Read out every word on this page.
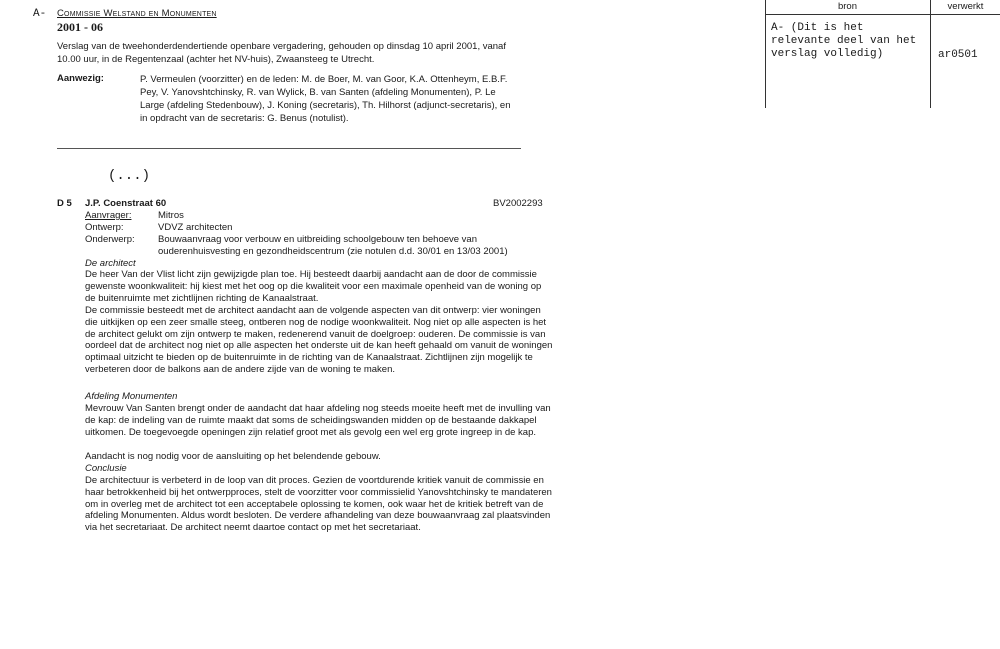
A- Commissie Welstand en Monumenten
2001 - 06
Verslag van de tweehonderdendertiende openbare vergadering, gehouden op dinsdag 10 april 2001, vanaf 10.00 uur, in de Regentenzaal (achter het NV-huis), Zwaansteeg te Utrecht.
Aanwezig:	P. Vermeulen (voorzitter) en de leden: M. de Boer, M. van Goor, K.A. Ottenheym, E.B.F. Pey, V. Yanovshtchinsky, R. van Wylick, B. van Santen (afdeling Monumenten), P. Le Large (afdeling Stedenbouw), J. Koning (secretaris), Th. Hilhorst (adjunct-secretaris), en in opdracht van de secretaris: G. Benus (notulist).
(...)
bron	verwerkt
A- (Dit is het relevante deel van het verslag volledig)	ar0501
D 5 J.P. Coenstraat 60	BV2002293
Aanvrager:	Mitros
Ontwerp:	VDVZ architecten
Onderwerp: Bouwaanvraag voor verbouw en uitbreiding schoolgebouw ten behoeve van ouderenhuisvesting en gezondheidscentrum (zie notulen d.d. 30/01 en 13/03 2001)
De architect
De heer Van der Vlist licht zijn gewijzigde plan toe. Hij besteedt daarbij aandacht aan de door de commissie gewenste woonkwaliteit: hij kiest met het oog op die kwaliteit voor een maximale openheid van de woning op de buitenruimte met zichtlijnen richting de Kanaalstraat.
De commissie besteedt met de architect aandacht aan de volgende aspecten van dit ontwerp: vier woningen die uitkijken op een zeer smalle steeg, ontberen nog de nodige woonkwaliteit. Nog niet op alle aspecten is het de architect gelukt om zijn ontwerp te maken, redenerend vanuit de doelgroep: ouderen. De commissie is van oordeel dat de architect nog niet op alle aspecten het onderste uit de kan heeft gehaald om vanuit de woningen optimaal uitzicht te bieden op de buitenruimte in de richting van de Kanaalstraat. Zichtlijnen zijn mogelijk te verbeteren door de balkons aan de andere zijde van de woning te maken.
Afdeling Monumenten
Mevrouw Van Santen brengt onder de aandacht dat haar afdeling nog steeds moeite heeft met de invulling van de kap: de indeling van de ruimte maakt dat soms de scheidingswanden midden op de bestaande dakkapel uitkomen. De toegevoegde openingen zijn relatief groot met als gevolg een wel erg grote ingreep in de kap.
Aandacht is nog nodig voor de aansluiting op het belendende gebouw.
Conclusie
De architectuur is verbeterd in de loop van dit proces. Gezien de voortdurende kritiek vanuit de commissie en haar betrokkenheid bij het ontwerpproces, stelt de voorzitter voor commissielid Yanovshtchinsky te mandateren om in overleg met de architect tot een acceptabele oplossing te komen, ook waar het de kritiek betreft van de afdeling Monumenten. Aldus wordt besloten. De verdere afhandeling van deze bouwaanvraag zal plaatsvinden via het secretariaat. De architect neemt daartoe contact op met het secretariaat.
